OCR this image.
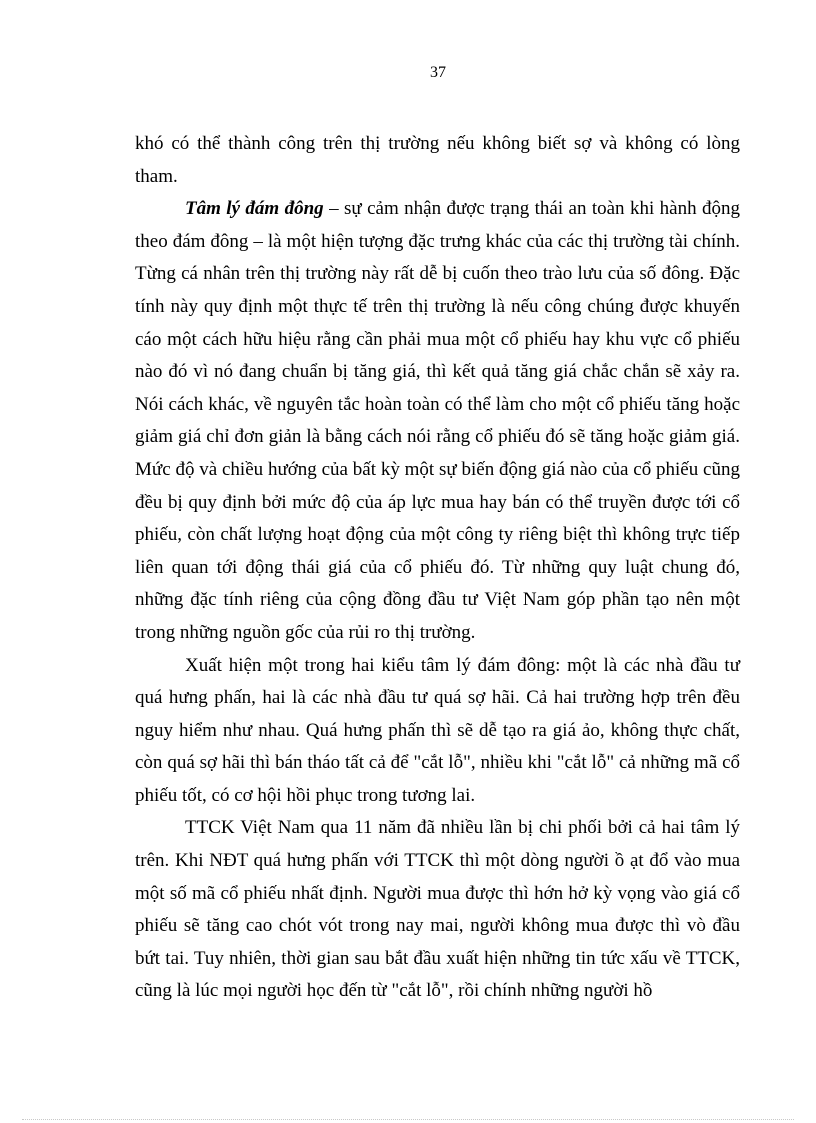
37

khó có thể thành công trên thị trường nếu không biết sợ và không có lòng tham.

Tâm lý đám đông – sự cảm nhận được trạng thái an toàn khi hành động theo đám đông – là một hiện tượng đặc trưng khác của các thị trường tài chính. Từng cá nhân trên thị trường này rất dễ bị cuốn theo trào lưu của số đông. Đặc tính này quy định một thực tế trên thị trường là nếu công chúng được khuyến cáo một cách hữu hiệu rằng cần phải mua một cổ phiếu hay khu vực cổ phiếu nào đó vì nó đang chuẩn bị tăng giá, thì kết quả tăng giá chắc chắn sẽ xảy ra. Nói cách khác, về nguyên tắc hoàn toàn có thể làm cho một cổ phiếu tăng hoặc giảm giá chỉ đơn giản là bằng cách nói rằng cổ phiếu đó sẽ tăng hoặc giảm giá. Mức độ và chiều hướng của bất kỳ một sự biến động giá nào của cổ phiếu cũng đều bị quy định bởi mức độ của áp lực mua hay bán có thể truyền được tới cổ phiếu, còn chất lượng hoạt động của một công ty riêng biệt thì không trực tiếp liên quan tới động thái giá của cổ phiếu đó. Từ những quy luật chung đó, những đặc tính riêng của cộng đồng đầu tư Việt Nam góp phần tạo nên một trong những nguồn gốc của rủi ro thị trường.

Xuất hiện một trong hai kiểu tâm lý đám đông: một là các nhà đầu tư quá hưng phấn, hai là các nhà đầu tư quá sợ hãi. Cả hai trường hợp trên đều nguy hiểm như nhau. Quá hưng phấn thì sẽ dễ tạo ra giá ảo, không thực chất, còn quá sợ hãi thì bán tháo tất cả để "cắt lỗ", nhiều khi "cắt lỗ" cả những mã cổ phiếu tốt, có cơ hội hồi phục trong tương lai.

TTCK Việt Nam qua 11 năm đã nhiều lần bị chi phối bởi cả hai tâm lý trên. Khi NĐT quá hưng phấn với TTCK thì một dòng người ồ ạt đổ vào mua một số mã cổ phiếu nhất định. Người mua được thì hớn hở kỳ vọng vào giá cổ phiếu sẽ tăng cao chót vót trong nay mai, người không mua được thì vò đầu bứt tai. Tuy nhiên, thời gian sau bắt đầu xuất hiện những tin tức xấu về TTCK, cũng là lúc mọi người học đến từ "cắt lỗ", rồi chính những người hồ
